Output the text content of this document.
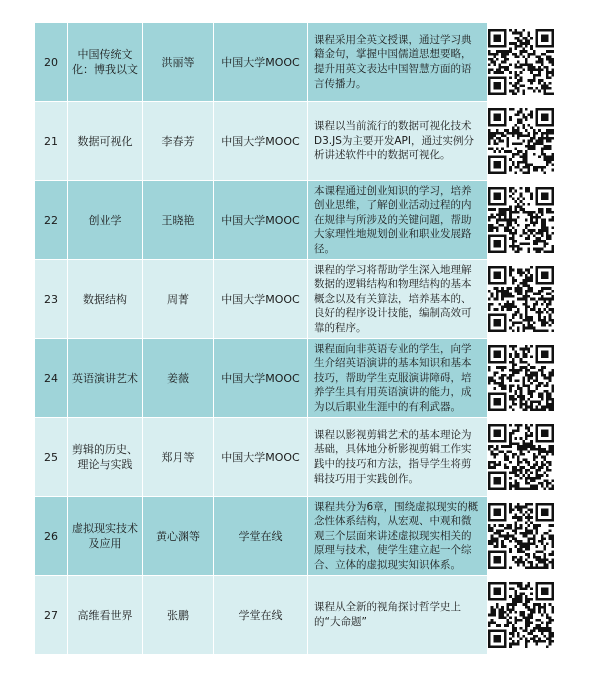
20	中国传统文化：博我以文	洪丽等	中国大学MOOC	课程采用全英文授课，通过学习典籍金句，掌握中国儒道思想要略，提升用英文表达中国智慧方面的语言传播力。	

21	数据可视化	李春芳	中国大学MOOC	课程以当前流行的数据可视化技术D3.JS为主要开发API，通过实例分析讲述软件中的数据可视化。	

22	创业学	王晓艳	中国大学MOOC	本课程通过创业知识的学习，培养创业思维，了解创业活动过程的内在规律与所涉及的关键问题，帮助大家理性地规划创业和职业发展路径。	

23	数据结构	周菁	中国大学MOOC	课程的学习将帮助学生深入地理解数据的逻辑结构和物理结构的基本概念以及有关算法，培养基本的、良好的程序设计技能，编制高效可靠的程序。	

24	英语演讲艺术	姜薇	中国大学MOOC	课程面向非英语专业的学生，向学生介绍英语演讲的基本知识和基本技巧，帮助学生克服演讲障碍，培养学生具有用英语演讲的能力，成为以后职业生涯中的有利武器。	

25	剪辑的历史、理论与实践	郑月等	中国大学MOOC	课程以影视剪辑艺术的基本理论为基础，具体地分析影视剪辑工作实践中的技巧和方法，指导学生将剪辑技巧用于实践创作。	

26	虚拟现实技术及应用	黄心渊等	学堂在线	课程共分为6章，围绕虚拟现实的概念性体系结构，从宏观、中观和微观三个层面来讲述虚拟现实相关的原理与技术，使学生建立起一个综合、立体的虚拟现实知识体系。	

27	高维看世界	张鹏	学堂在线	课程从全新的视角探讨哲学史上的“大命题”	
